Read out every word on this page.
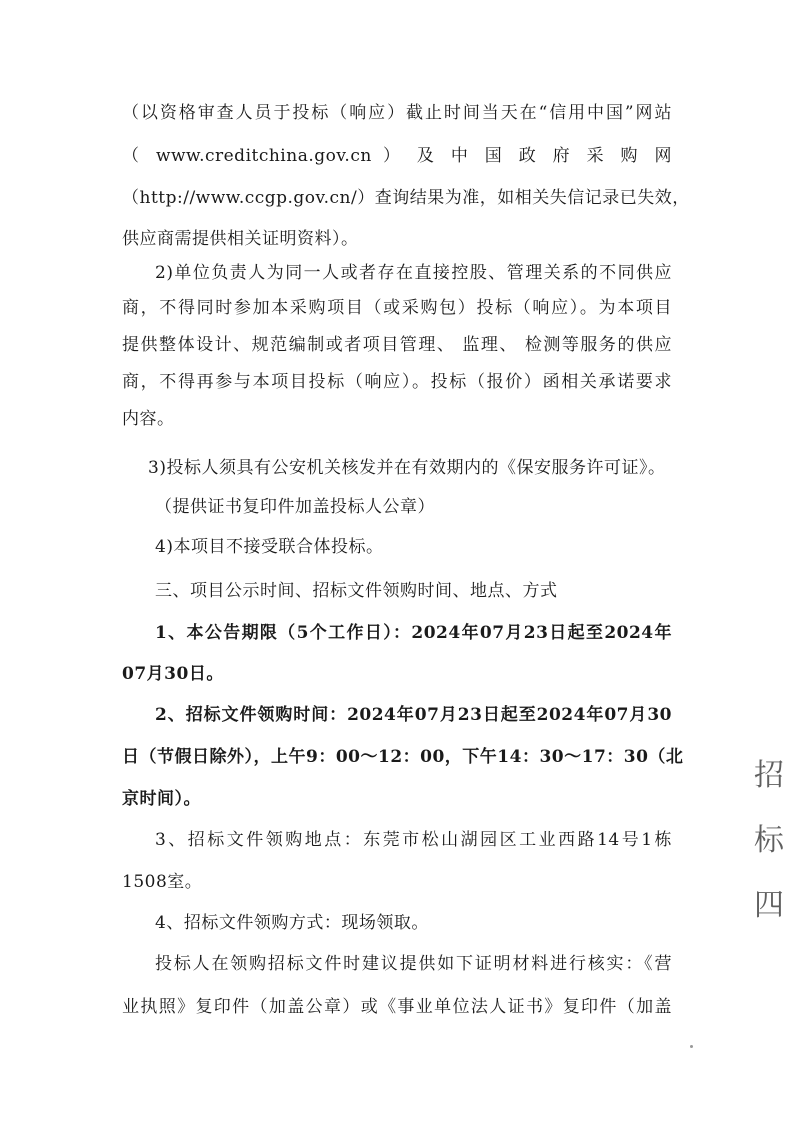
（以资格审查人员于投标（响应）截止时间当天在“信用中国”网站
（ www.creditchina.gov.cn ） 及 中 国 政 府 采 购 网
（http://www.ccgp.gov.cn/）查询结果为准，如相关失信记录已失效，
供应商需提供相关证明资料）。
2)单位负责人为同一人或者存在直接控股、管理关系的不同供应
商，不得同时参加本采购项目（或采购包）投标（响应）。为本项目
提供整体设计、规范编制或者项目管理、 监理、 检测等服务的供应
商，不得再参与本项目投标（响应）。投标（报价）函相关承诺要求
内容。
3)投标人须具有公安机关核发并在有效期内的《保安服务许可证》。
（提供证书复印件加盖投标人公章）
4)本项目不接受联合体投标。
三、项目公示时间、招标文件领购时间、地点、方式
1、本公告期限（5个工作日）：2024年07月23日起至2024年
07月30日。
2、招标文件领购时间：2024年07月23日起至2024年07月30
日（节假日除外），上午9：00～12：00，下午14：30～17：30（北
京时间）。
3、招标文件领购地点：东莞市松山湖园区工业西路14号1栋
1508室。
4、招标文件领购方式：现场领取。
投标人在领购招标文件时建议提供如下证明材料进行核实：《营
业执照》复印件（加盖公章）或《事业单位法人证书》复印件（加盖
招
标
四
